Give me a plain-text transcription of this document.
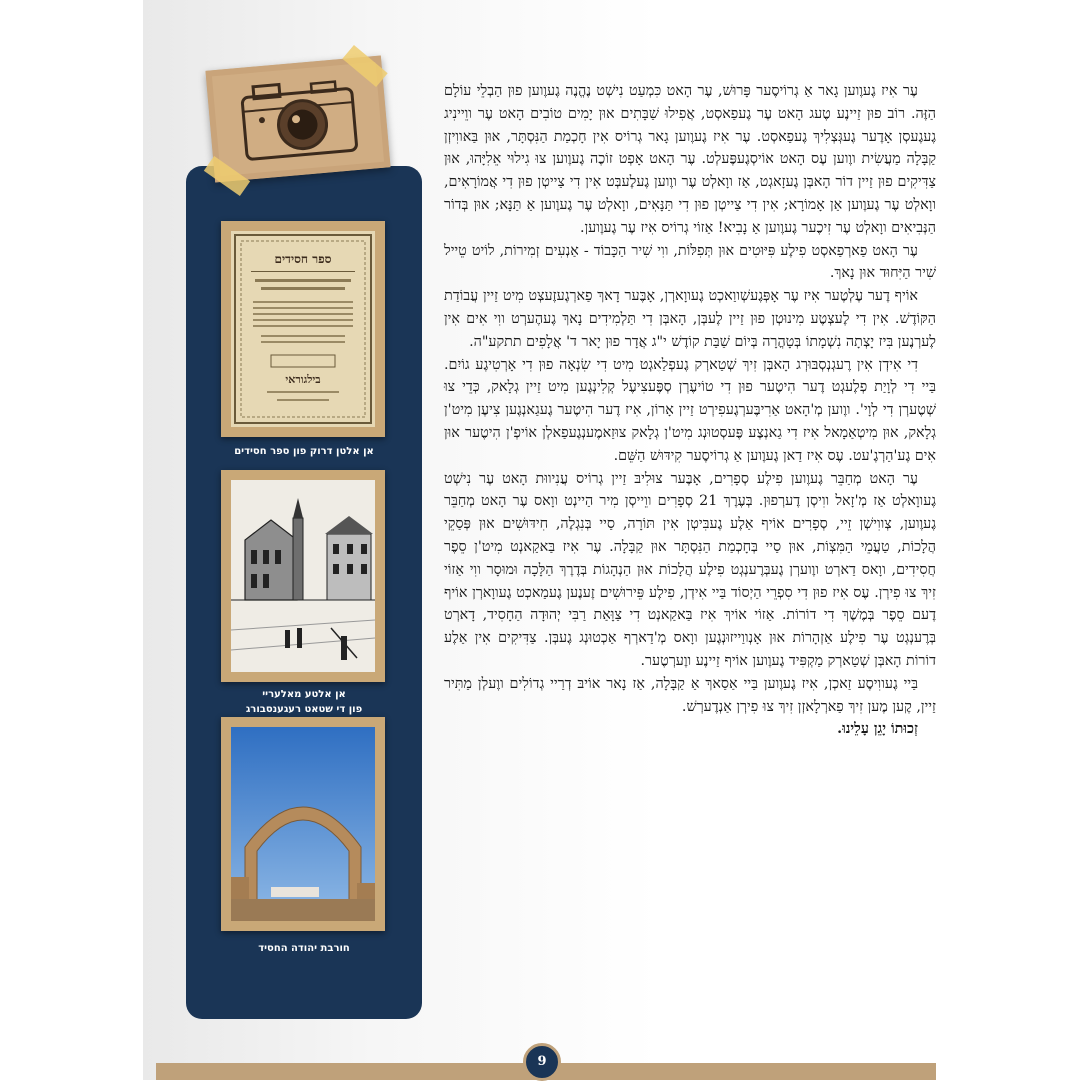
ספר חסידים
בילגוראי
אן אלטן דרוק פון ספר חסידים
אן אלטע מאלעריי
פון די שטאט רעגענסבורג
חורבת יהודה החסיד

עֶר אִיז גֶעוֶוען גָאר אַ גְרוֹיסֶער פָּרוּשׁ, עֶר הָאט כִּמְעַט נִישְׁט נֶהֱנֶה גֶעוֶוען פוּן הַבְלֵי עוֹלָם הַזֶּה. רוֹב פוּן זַיינֶע טֶעג הָאט עֶר גֶעפַאסְט, אֲפִילוּ שַׁבָּתִים אוּן יָמִים טוֹבִים הָאט עֶר ווֵיינִיג גֶעגֶעסְן אָדֶער גֶעגְּצְלִיךְ גֶעפַאסְט. עֶר אִיז גֶעוֶוען גָאר גְרוֹיס אִין חָכְמַת הַנִּסְתָּר, אוּן בַּאווִיזְן קַבָּלָה מַעֲשִׂית ווֶוען עֶס הָאט אוֹיסְגֶעפֶּעלְט. עֶר הָאט אָפְט זוֹכֶה גֶעוֶוען צוּ גִילוּי אֵלִיָּהוּ, אוּן צַדִּיקִים פוּן זַיין דוֹר הָאבְּן גֶעזָאגְט, אַז ווָאלְט עֶר ווֶוען גֶעלֶעבְּט אִין דִי צַייטְן פוּן דִי אֲמוֹרָאִים, ווָאלְט עֶר גֶעוֶוען אַן אָמוֹרָא; אִין דִי צַייטְן פוּן דִי תַּנָּאִים, ווָאלְט עֶר גֶעוֶוען אַ תַּנָּא; אוּן בְּדוֹר הַנְּבִיאִים ווָאלְט עֶר זִיכֶער גֶעוֶוען אַ נָבִיא! אַזוֹי גְרוֹיס אִיז עֶר גֶעוֶוען.

עֶר הָאט פַארְפַאסְט פִילֶע פִּיּוּטִים אוּן תְּפִלּוֹת, ווִי שִׁיר הַכָּבוֹד - אַנְעִים זְמִירוֹת, לוֹיט טֵייל שִׁיר הַיִּחוּד אוּן נָאךְ.

אוֹיף דֶער עֶלְטֶער אִיז עֶר אָפְּגֶעשְׁווַאכְט גֶעווָארְן, אָבֶּער דָאךְ פַארְגֶעזֶעצְט מִיט זַיין עֲבוֹדַת הַקּוֹדֶשׁ. אִין דִי לֶעצְטֶע מִינוּטְן פוּן זַיין לֶעבְּן, הָאבְּן דִי תַּלְמִידִים נָאךְ גֶעהֶערְט ווִי אִים אִין לֶערְנֶען בִּיז יָצְתָה נִשְׁמָתוֹ בְּטָהֳרָה בְּיוֹם שַׁבַּת קוֹדֶשׁ י"ג אֲדָר פוּן יָאר ד' אֲלָפִים תתקע"ה.

דִי אִידְן אִין רֶעגְנְסְבּוּרְג הָאבְּן זִיךְ שְׁטַארְק גֶעפְלַאגְט מִיט דִי שִׂנְאָה פוּן דִי אָרְטִיגֶע גוֹיִם. בַּיי דִי לְוָיַת פְלֶעגְט דֶער הִיטֶער פוּן דִי טוֹיעֶרְן סְפֶּעצִיעֶל קְלִינְגֶען מִיט זַיין גְלָאק, כְּדֵי צוּ שְׁטֶערְן דִי לְוָי'. ווֶוען מְ'הָאט אַרִיבֶּערְגֶעפִירְט זַיין אָרוֹן, אִיז דֶער הִיטֶער גֶעגַאנְגֶען צִיעֶן מִיט'ן גְלָאק, אוּן מִיטְאַמָאל אִיז דִי גַאנְצֶע פֶּעסְטוּנְג מִיט'ן גְלָאק צוּזַאמֶענְגֶעפַאלְן אוֹיפְ'ן הִיטֶער אוּן אִים גֶע'הַרְגֶ'עט. עֶס אִיז דַאן גֶעוֶוען אַ גְרוֹיסֶער קִידּוּשׁ הַשֵּׁם.

עֶר הָאט מְחַבֵּר גֶעוֶוען פִילֶע סְפָרִים, אָבֶּער צוּלִיבּ זַיין גְרוֹיס עֲנִיווּת הָאט עֶר נִישְׁט גֶעווָאלְט אַז מְ'זָאל ווִיסְן דֶערְפוּן. בְּעֶרֶךְ 21 סְפָרִים ווֵייסְן מִיר הַיינְט ווָאס עֶר הָאט מְחַבֵּר גֶעוֶוען, צְווִישְׁן זֵיי, סְפָרִים אוֹיף אַלֶע גֶעבִּיטְן אִין תּוֹרָה, סַיי בְּנִגְלֶה, חִידּוּשִׁים אוּן פְּסַקֵי הֲלָכוֹת, טַעֲמֵי הַמִּצְוֹת, אוּן סַיי בְּחָכְמַת הַנִּסְתָּר אוּן קַבָּלָה. עֶר אִיז בַּאקַאנְט מִיט'ן סֵפֶר חֲסִידִים, ווָאס דַארְט ווֶוערְן גֶעבְּרֶענְגְט פִילֶע הֲלָכוֹת אוּן הַנְהָגוֹת בְּדֶרֶךְ הַלָּכָה וּמוּסָר ווִי אַזוֹי זִיךְ צוּ פִירְן. עֶס אִיז פוּן דִי סִפְרֵי הַיְסוֹד בַּיי אִידְן, פִילֶע פֵּירוּשִׁים זֶענֶען גֶעמַאכְט גֶעווָארְן אוֹיף דֶעם סֵפֶר בְּמֶשֶׁךְ דִי דוֹרוֹת. אַזוֹי אוֹיךְ אִיז בַּאקַאנְט דִי צַוָּאַת רַבִּי יְהוּדָה הַחָסִיד, דָארְט בְּרֶענְגְט עֶר פִילֶע אַזְהָרוֹת אוּן אָנְווַייזוּנְגֶען ווָאס מְ'דַארְף אַכְטוּנְג גֶעבְּן. צַדִּיקִים אִין אַלֶע דוֹרוֹת הָאבְּן שְׁטַארְק מַקְפִּיד גֶעוֶוען אוֹיף זַיינֶע ווֶערְטֶער.

בַּיי גֶעווִיסֶע זַאכְן, אִיז גֶעוֶוען בַּיי אַסַאךְ אַ קַבָּלָה, אַז נָאר אוֹיבּ דְרַיי גְדוֹלִים ווֶעלְן מַתִּיר זַיין, קֶען מֶען זִיךְ פַארְלָאזְן זִיךְ צוּ פִירְן אַנְדֶערְשׁ.

זְכוּתוֹ יָגֵן עָלֵינוּ.

9
